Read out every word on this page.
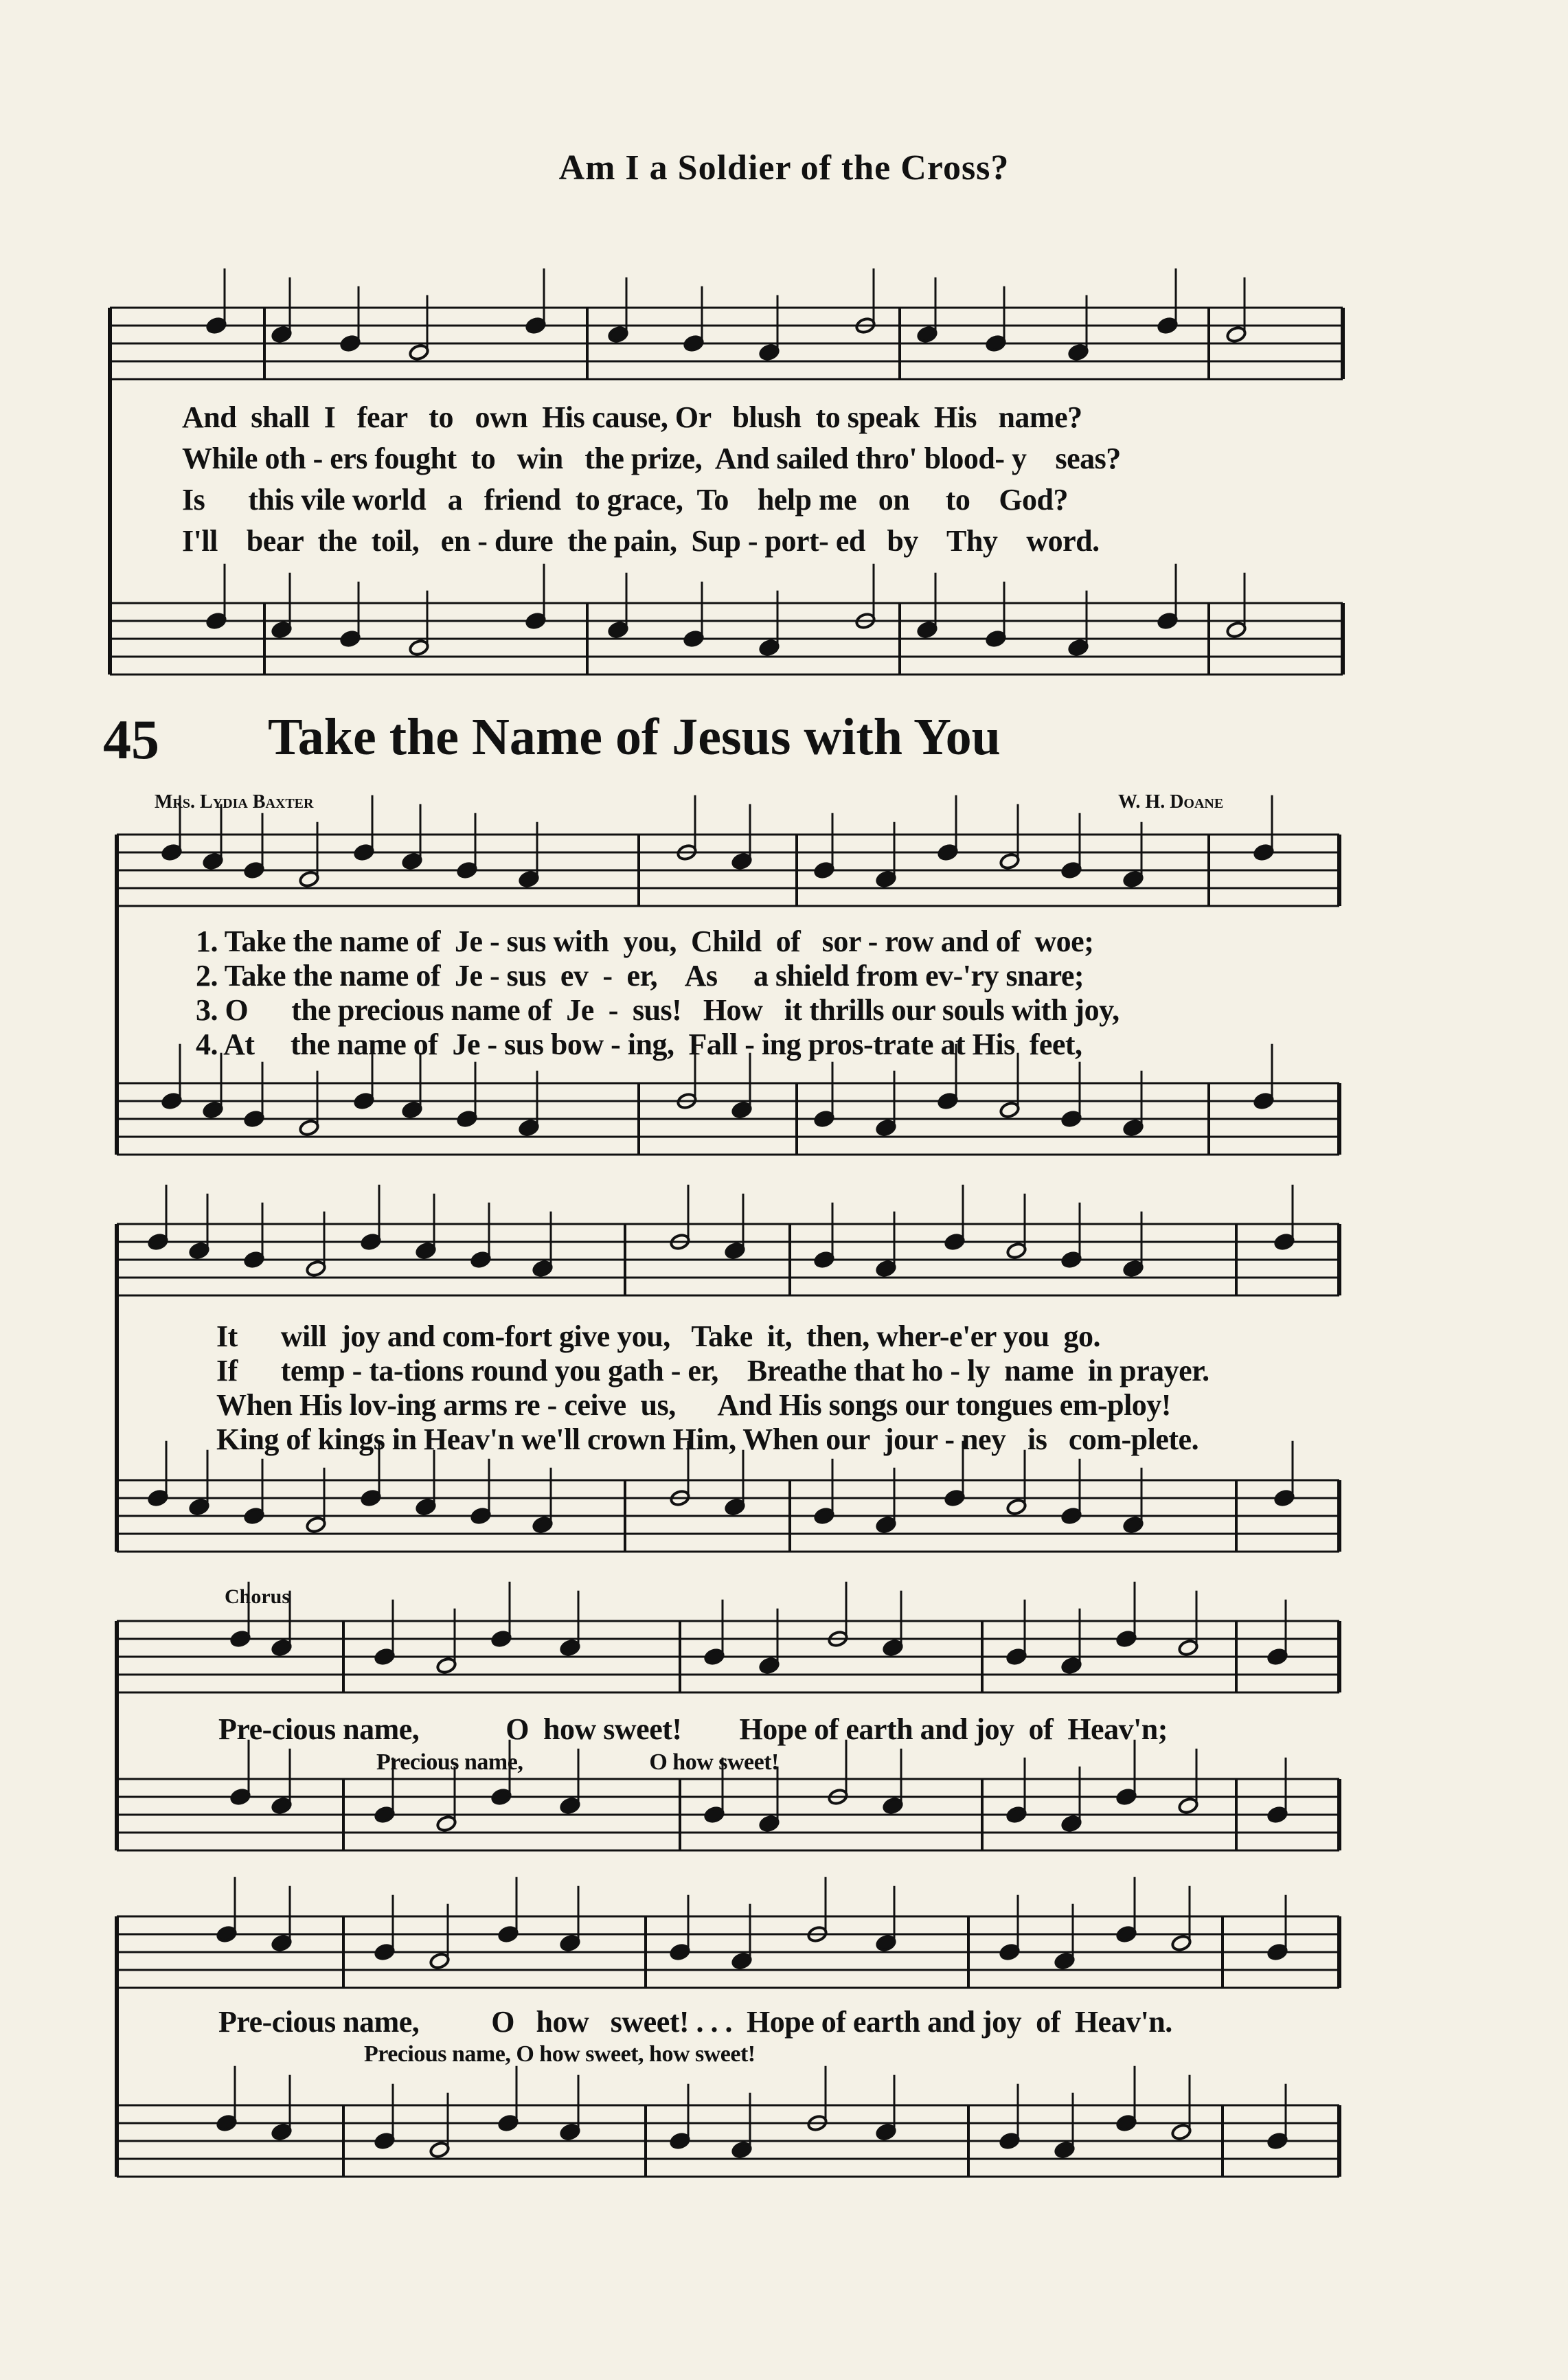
Am I a Soldier of the Cross?
45 Take the Name of Jesus with You
Mrs. Lydia Baxter	W. H. Doane
Chorus
And  shall  I   fear   to   own  His cause, Or   blush  to speak  His   name?
While oth - ers fought  to   win   the prize,  And sailed thro' blood- y    seas?
Is      this vile world   a   friend  to grace,  To    help me   on     to    God?
I'll    bear  the  toil,   en - dure  the pain,  Sup - port- ed   by    Thy    word.
1. Take the name of  Je - sus with  you,  Child  of   sor - row and of  woe;
2. Take the name of  Je - sus  ev  -  er,    As     a shield from ev-'ry snare;
3. O      the precious name of  Je  -  sus!   How   it thrills our souls with joy,
4. At     the name of  Je - sus bow - ing,  Fall - ing pros-trate at His  feet,
It      will  joy and com-fort give you,   Take  it,  then, wher-e'er you  go.
If      temp - ta-tions round you gath - er,    Breathe that ho - ly  name  in prayer.
When His lov-ing arms re - ceive  us,      And His songs our tongues em-ploy!
King of kings in Heav'n we'll crown Him, When our  jour - ney   is   com-plete.
Pre-cious name,            O  how sweet!        Hope of earth and joy  of  Heav'n;
Precious name,                       O how sweet!
Pre-cious name,          O   how   sweet! . . .  Hope of earth and joy  of  Heav'n.
Precious name, O how sweet, how sweet!
